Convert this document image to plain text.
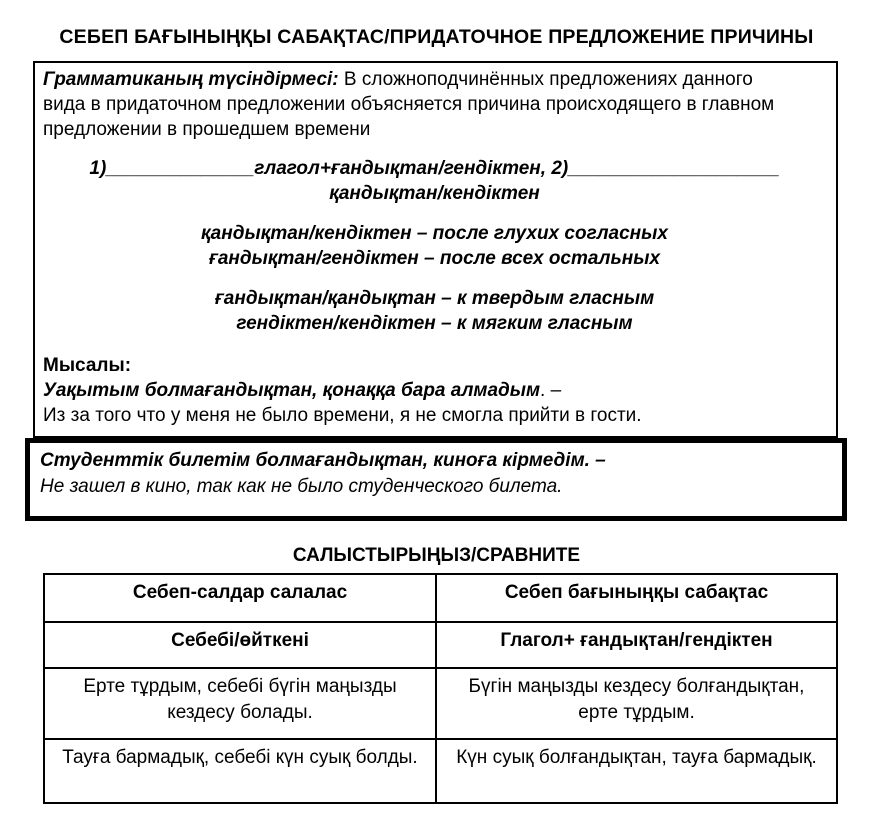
СЕБЕП БАҒЫНЫҢҚЫ САБАҚТАС/ПРИДАТОЧНОЕ ПРЕДЛОЖЕНИЕ ПРИЧИНЫ
Грамматиканың түсіндірмесі: В сложноподчинённых предложениях данного
вида в придаточном предложении объясняется причина происходящего в главном
предложении в прошедшем времени
1)______________глагол+ғандықтан/гендіктен, 2)____________________
қандықтан/кендіктен
қандықтан/кендіктен – после глухих согласных
ғандықтан/гендіктен – после всех остальных
ғандықтан/қандықтан – к твердым гласным
гендіктен/кендіктен – к мягким гласным
Мысалы:
Уақытым болмағандықтан, қонаққа бара алмадым. –
Из за того что у меня не было времени, я не смогла прийти в гости.
Студенттік билетім болмағандықтан, киноға кірмедім. –
Не зашел в кино, так как не было студенческого билета.
САЛЫСТЫРЫҢЫЗ/СРАВНИТЕ
Себеп-салдар салалас	Себеп бағыныңқы сабақтас
Себебі/өйткені	Глагол+ ғандықтан/гендіктен
Ерте тұрдым, себебі бүгін маңызды кездесу болады.	Бүгін маңызды кездесу болғандықтан, ерте тұрдым.
Тауға бармадық, себебі күн суық болды.	Күн суық болғандықтан, тауға бармадық.
